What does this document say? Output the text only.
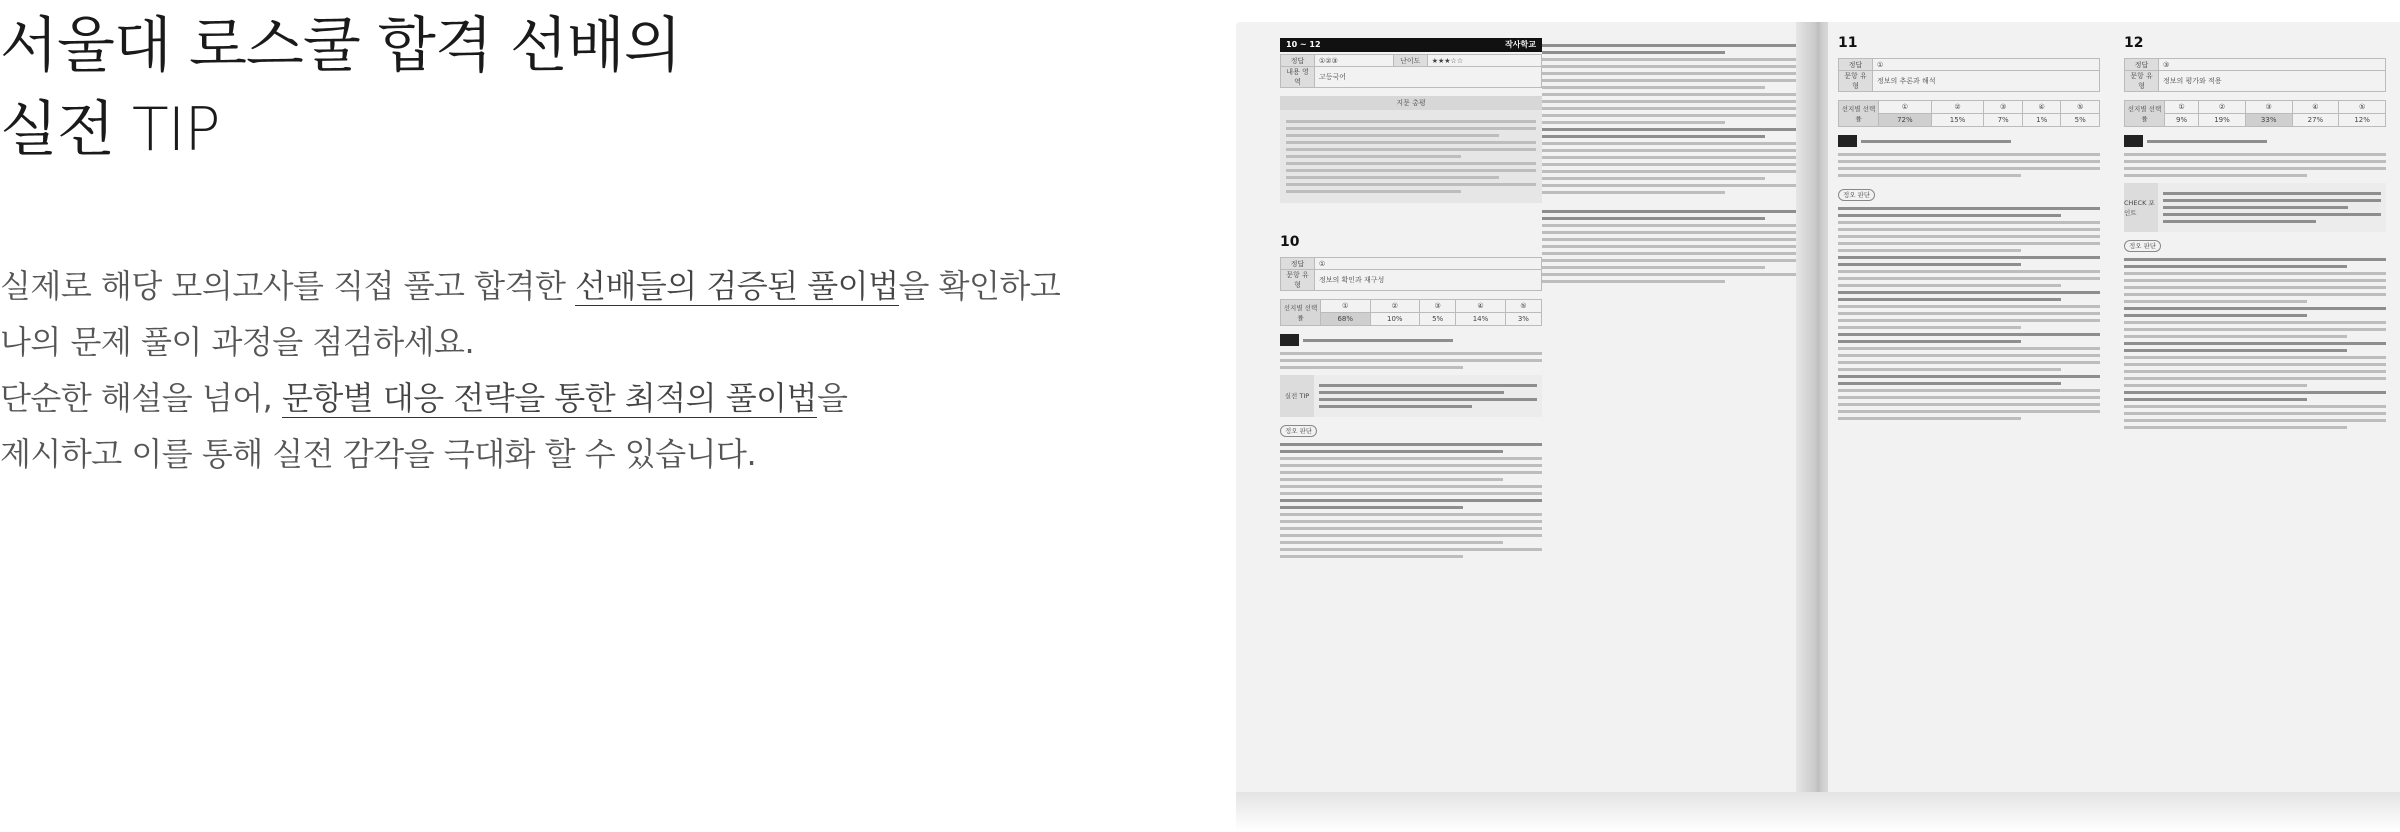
서울대 로스쿨 합격 선배의
실전 TIP
실제로 해당 모의고사를 직접 풀고 합격한 선배들의 검증된 풀이법을 확인하고
나의 문제 풀이 과정을 점검하세요.
단순한 해설을 넘어, 문항별 대응 전략을 통한 최적의 풀이법을
제시하고 이를 통해 실전 감각을 극대화 할 수 있습니다.
10 ~ 12	작사학교
정답	①②③	난이도	★★★☆☆
내용 영역	고등국어		
지문 총평
10
정답	①
문항 유형	정보의 확인과 재구성
선지별 선택률	①	②	③	④	⑤
	68%	10%	5%	14%	3%

실전 TIP
정오 판단
11
정답	①
문항 유형	정보의 추론과 해석
선지별 선택률	①	②	③	④	⑤
	72%	15%	7%	1%	5%

정오 판단
12
정답	③
문항 유형	정보의 평가와 적용
선지별 선택률	①	②	③	④	⑤
	9%	19%	33%	27%	12%

CHECK 포인트
정오 판단
